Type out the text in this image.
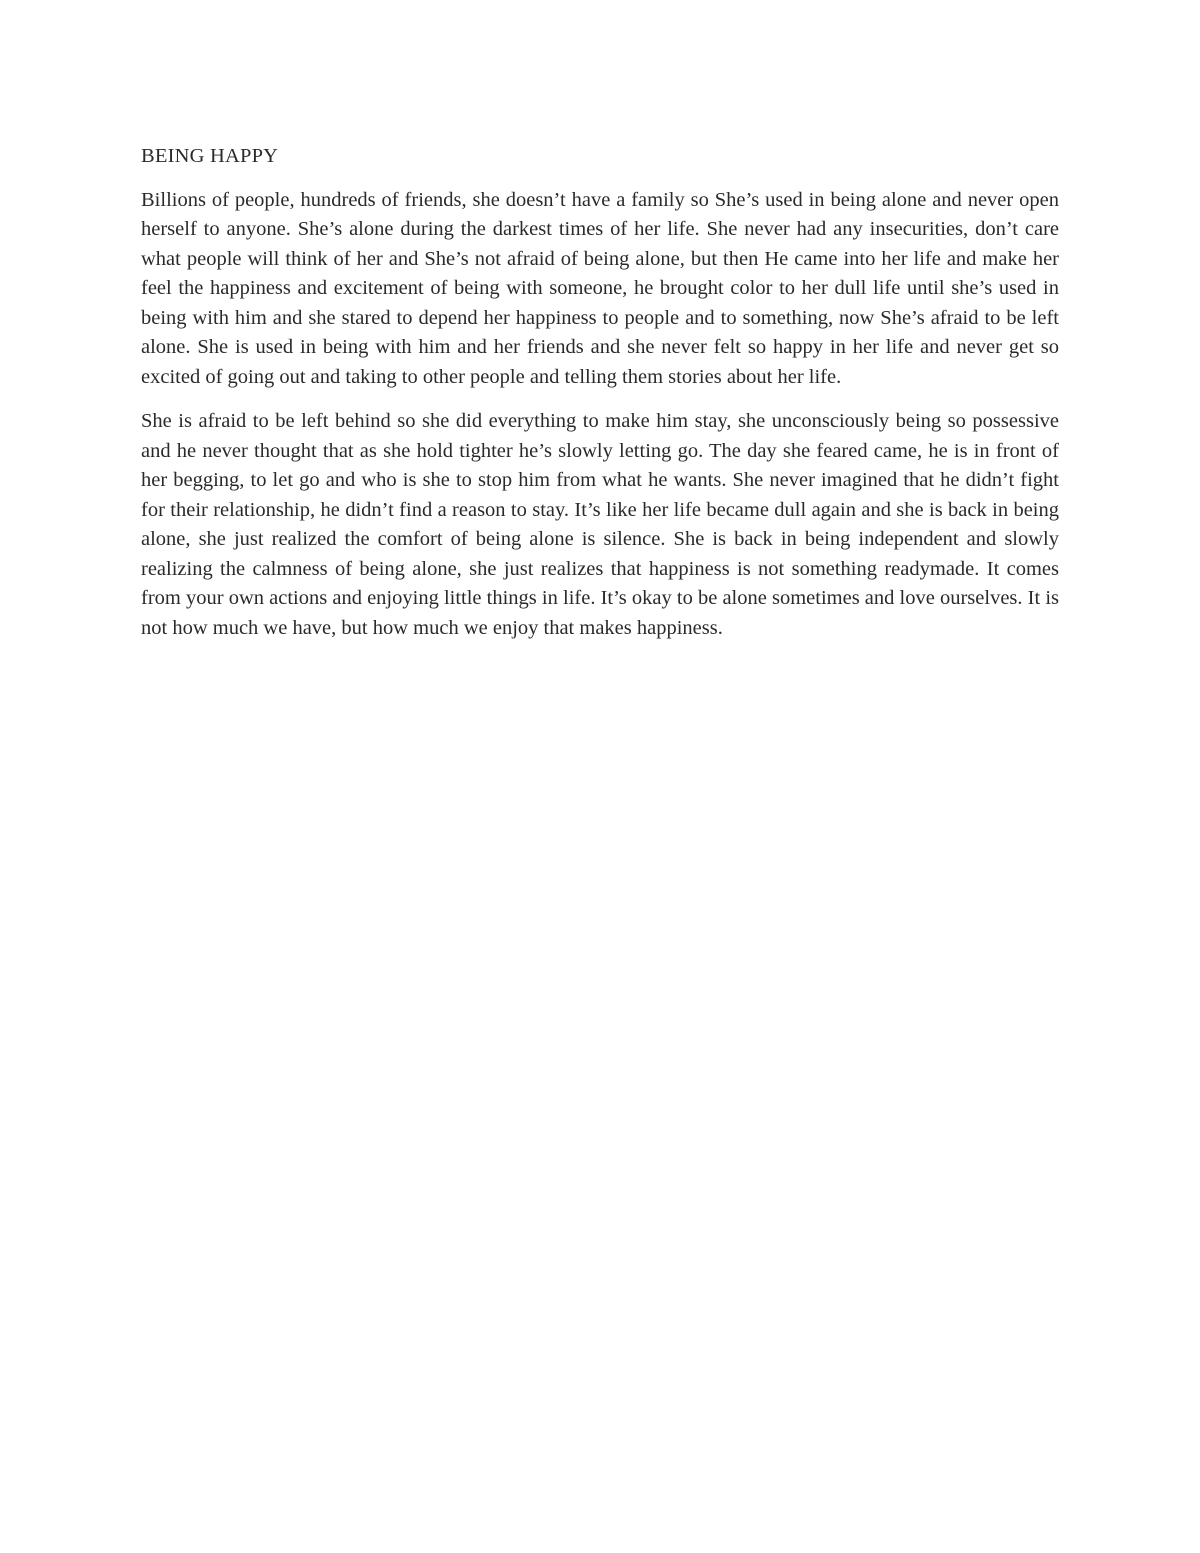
BEING HAPPY

Billions of people, hundreds of friends, she doesn’t have a family so She’s used in being alone and never open herself to anyone. She’s alone during the darkest times of her life. She never had any insecurities, don’t care what people will think of her and She’s not afraid of being alone, but then He came into her life and make her feel the happiness and excitement of being with someone, he brought color to her dull life until she’s used in being with him and she stared to depend her happiness to people and to something, now She’s afraid to be left alone. She is used in being with him and her friends and she never felt so happy in her life and never get so excited of going out and taking to other people and telling them stories about her life.

She is afraid to be left behind so she did everything to make him stay, she unconsciously being so possessive and he never thought that as she hold tighter he’s slowly letting go. The day she feared came, he is in front of her begging, to let go and who is she to stop him from what he wants. She never imagined that he didn’t fight for their relationship, he didn’t find a reason to stay. It’s like her life became dull again and she is back in being alone, she just realized the comfort of being alone is silence. She is back in being independent and slowly realizing the calmness of being alone, she just realizes that happiness is not something readymade. It comes from your own actions and enjoying little things in life. It’s okay to be alone sometimes and love ourselves. It is not how much we have, but how much we enjoy that makes happiness.
